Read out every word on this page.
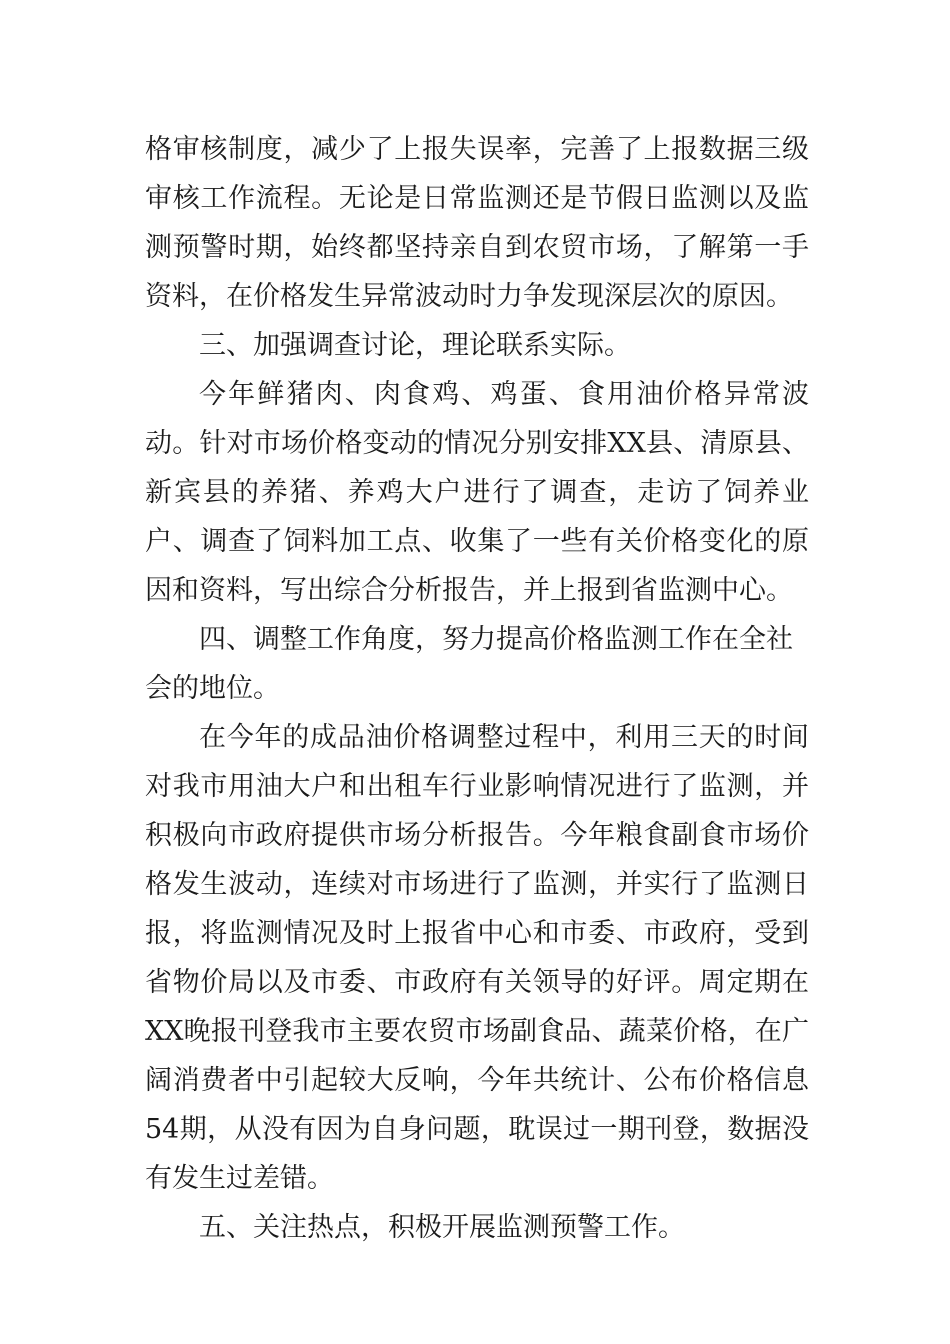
格审核制度，减少了上报失误率，完善了上报数据三级审核工作流程。无论是日常监测还是节假日监测以及监测预警时期，始终都坚持亲自到农贸市场，了解第一手资料，在价格发生异常波动时力争发现深层次的原因。

三、加强调查讨论，理论联系实际。

今年鲜猪肉、肉食鸡、鸡蛋、食用油价格异常波动。针对市场价格变动的情况分别安排XX县、清原县、新宾县的养猪、养鸡大户进行了调查，走访了饲养业户、调查了饲料加工点、收集了一些有关价格变化的原因和资料，写出综合分析报告，并上报到省监测中心。

四、调整工作角度，努力提高价格监测工作在全社会的地位。

在今年的成品油价格调整过程中，利用三天的时间对我市用油大户和出租车行业影响情况进行了监测，并积极向市政府提供市场分析报告。今年粮食副食市场价格发生波动，连续对市场进行了监测，并实行了监测日报，将监测情况及时上报省中心和市委、市政府，受到省物价局以及市委、市政府有关领导的好评。周定期在XX晚报刊登我市主要农贸市场副食品、蔬菜价格，在广阔消费者中引起较大反响，今年共统计、公布价格信息54期，从没有因为自身问题，耽误过一期刊登，数据没有发生过差错。

五、关注热点，积极开展监测预警工作。
